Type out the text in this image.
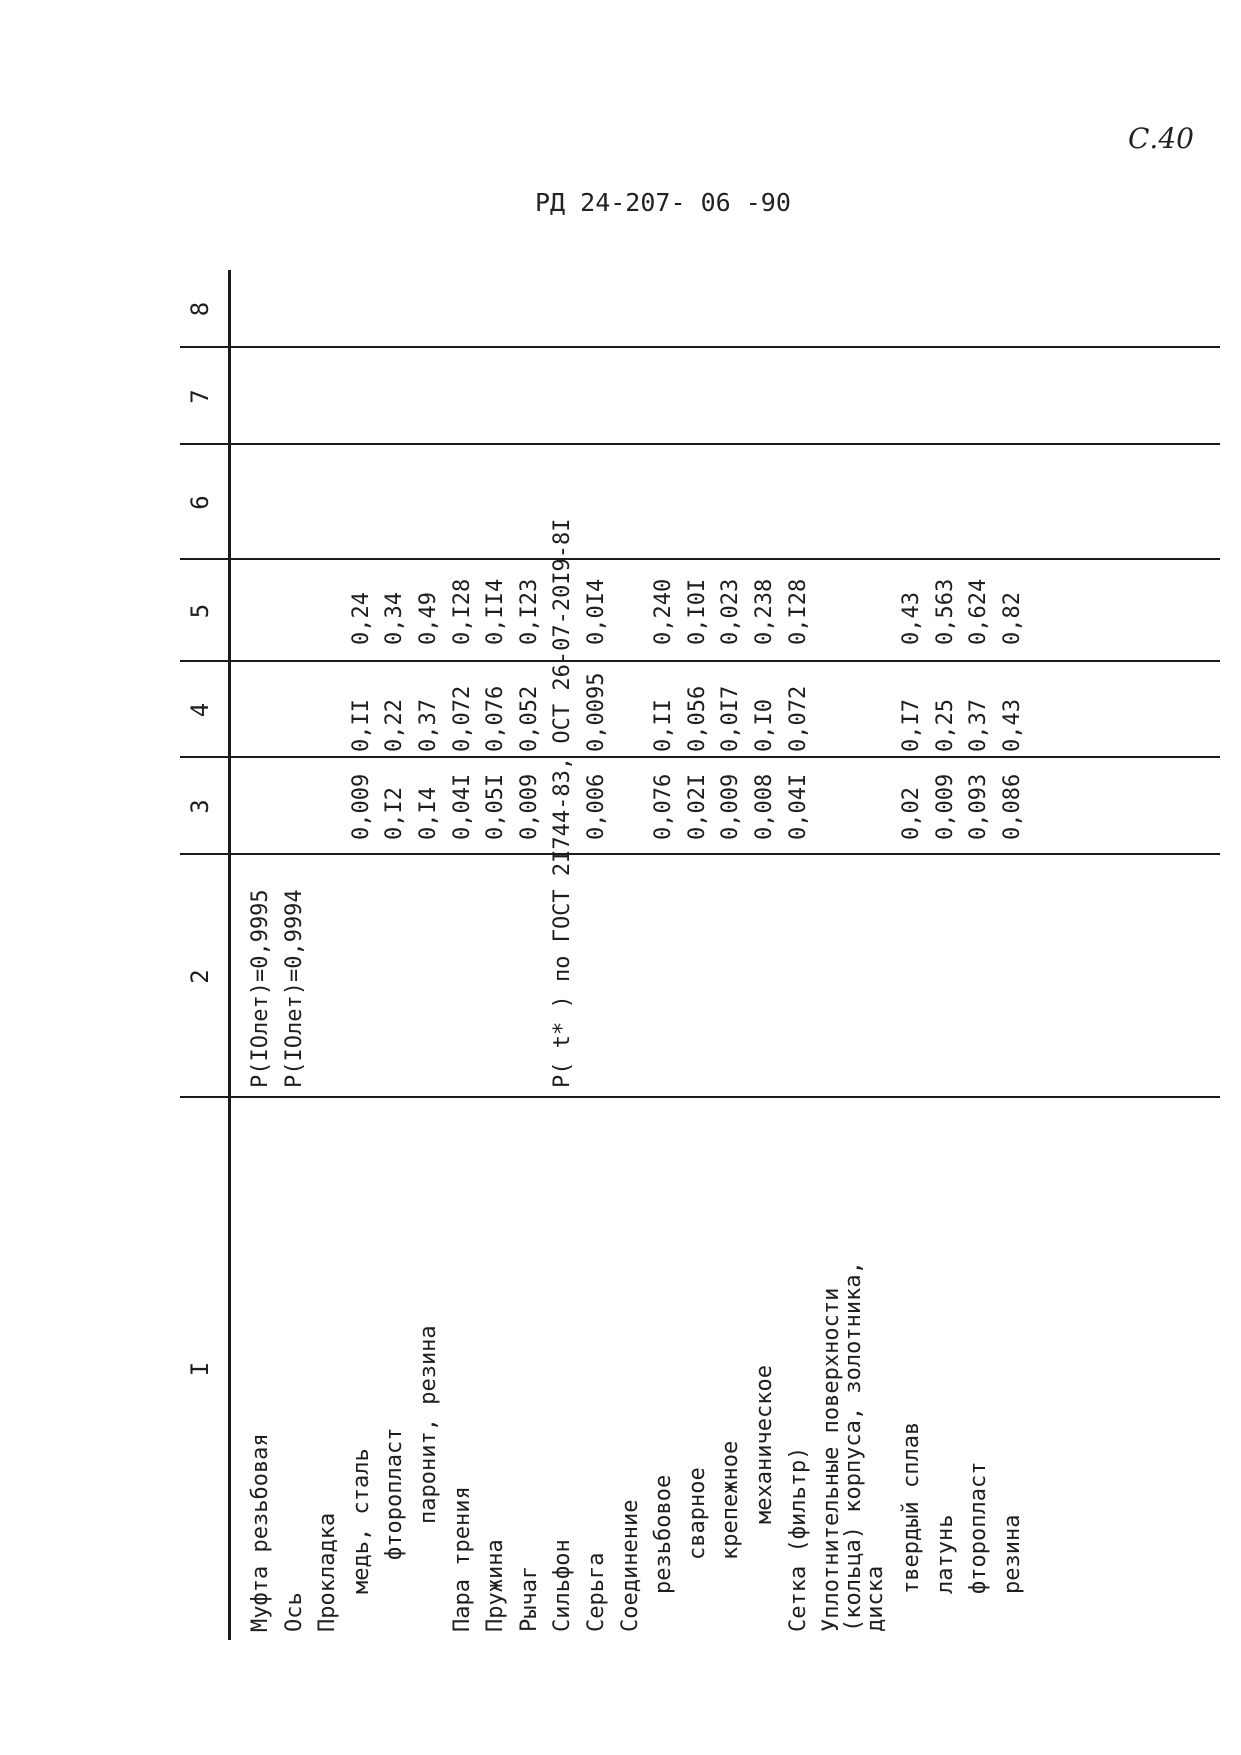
С.40
РД 24-207- 06 -90
I
2
3
4
5
6
7
8
Муфта резьбовая
P(IОлет)=0,9995
Ось
P(IОлет)=0,9994
Прокладка медь, сталь
0,009
0,II
0,24
фторопласт
0,I2
0,22
0,34
паронит, резина
0,I4
0,37
0,49
Пара трения
0,04I
0,072
0,I28
Пружина
0,05I
0,076
0,II4
Рычаг
0,009
0,052
0,I23
Сильфон Серьга
0,006
0,0095
0,0I4
Соединение резьбовое
0,076
0,II
0,240
сварное
0,02I
0,056
0,I0I
крепежное
0,009
0,0I7
0,023
механическое
0,008
0,I0
0,238
Сетка (фильтр)
0,04I
0,072
0,I28
P( t* ) по ГОСТ 2I744-83, ОСТ 26-07-20I9-8I
Уплотнительные поверхности
(кольца) корпуса, золотника,
диска
твердый сплав
0,02
0,I7
0,43
латунь
0,009
0,25
0,563
фторопласт
0,093
0,37
0,624
резина
0,086
0,43
0,82
